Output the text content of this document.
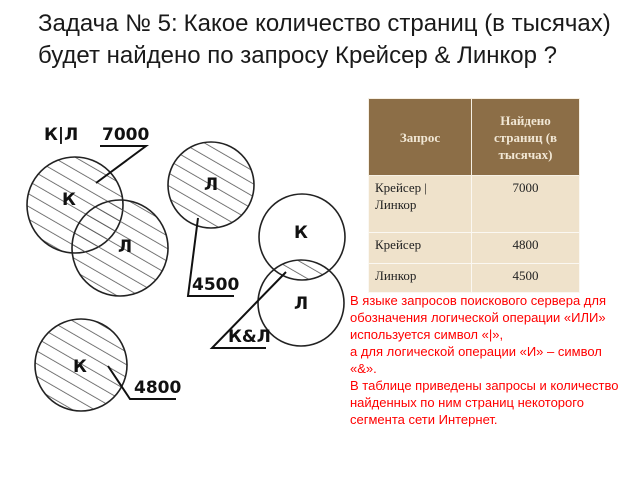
Задача № 5: Какое количество страниц (в тысячах) будет найдено по запросу Крейсер & Линкор ?
К
Л
К|Л 7000
Л
4500
К
Л
К&Л
К
4800
Запрос	Найдено страниц (в тысячах)
Крейсер | Линкор	7000
Крейсер	4800
Линкор	4500

В языке запросов поискового сервера для обозначения логической операции «ИЛИ» используется символ «|»,

а для логической операции «И» – символ «&».

В таблице приведены запросы и количество найденных по ним страниц некоторого сегмента сети Интернет.
